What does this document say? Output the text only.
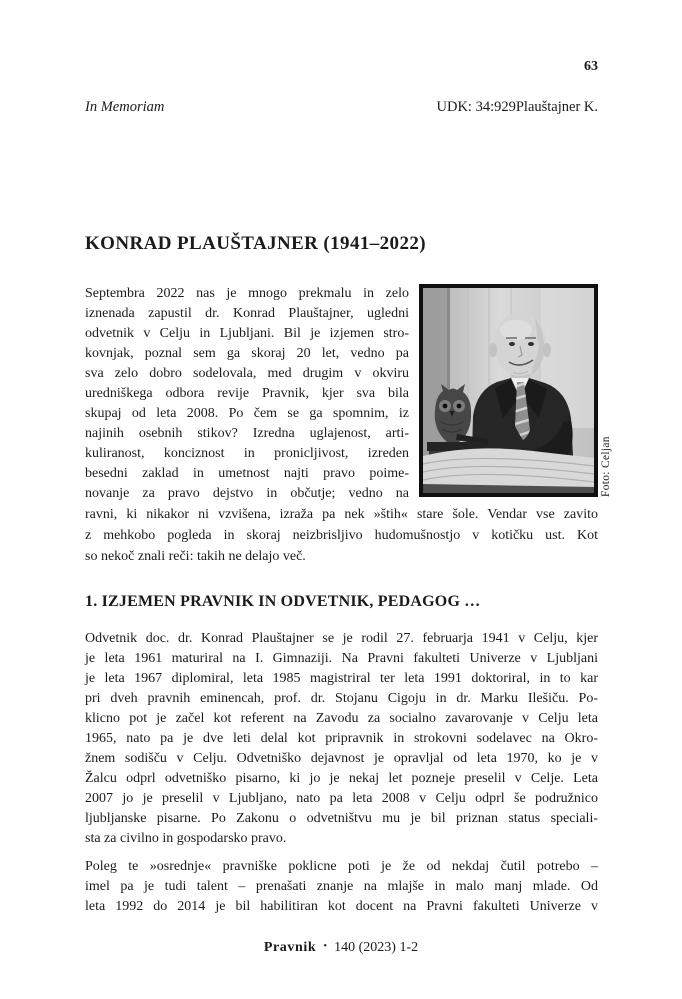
63
In Memoriam	UDK: 34:929Plauštajner K.
KONRAD PLAUŠTAJNER (1941–2022)
Septembra 2022 nas je mnogo prekmalu in zelo
iznenada zapustil dr. Konrad Plauštajner, ugledni
odvetnik v Celju in Ljubljani. Bil je izjemen stro-
kovnjak, poznal sem ga skoraj 20 let, vedno pa
sva zelo dobro sodelovala, med drugim v okviru
uredniškega odbora revije Pravnik, kjer sva bila
skupaj od leta 2008. Po čem se ga spomnim, iz
najinih osebnih stikov? Izredna uglajenost, arti-
kuliranost, konciznost in pronicljivost, izreden
besedni zaklad in umetnost najti pravo poime-
novanje za pravo dejstvo in občutje; vedno na	Foto: Celjan
ravni, ki nikakor ni vzvišena, izraža pa nek »štih« stare šole. Vendar vse zavito
z mehkobo pogleda in skoraj neizbrisljivo hudomušnostjo v kotičku ust. Kot
so nekoč znali reči: takih ne delajo več.
1. IZJEMEN PRAVNIK IN ODVETNIK, PEDAGOG …
Odvetnik doc. dr. Konrad Plauštajner se je rodil 27. februarja 1941 v Celju, kjer
je leta 1961 maturiral na I. Gimnaziji. Na Pravni fakulteti Univerze v Ljubljani
je leta 1967 diplomiral, leta 1985 magistriral ter leta 1991 doktoriral, in to kar
pri dveh pravnih eminencah, prof. dr. Stojanu Cigoju in dr. Marku Ilešiču. Po-
klicno pot je začel kot referent na Zavodu za socialno zavarovanje v Celju leta
1965, nato pa je dve leti delal kot pripravnik in strokovni sodelavec na Okro-
žnem sodišču v Celju. Odvetniško dejavnost je opravljal od leta 1970, ko je v
Žalcu odprl odvetniško pisarno, ki jo je nekaj let pozneje preselil v Celje. Leta
2007 jo je preselil v Ljubljano, nato pa leta 2008 v Celju odprl še podružnico
ljubljanske pisarne. Po Zakonu o odvetništvu mu je bil priznan status speciali-
sta za civilno in gospodarsko pravo.
Poleg te »osrednje« pravniške poklicne poti je že od nekdaj čutil potrebo –
imel pa je tudi talent – prenašati znanje na mlajše in malo manj mlade. Od
leta 1992 do 2014 je bil habilitiran kot docent na Pravni fakulteti Univerze v
Pravnik • 140 (2023) 1-2
